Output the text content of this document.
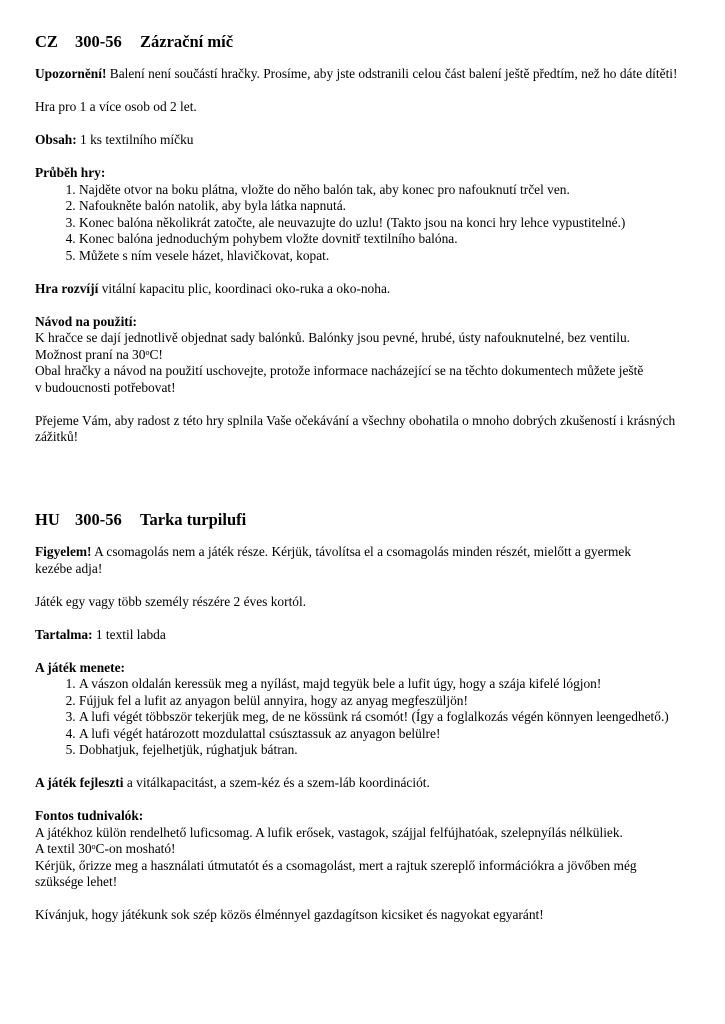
CZ 300-56 Zázrační míč

Upozornění! Balení není součástí hračky. Prosíme, aby jste odstranili celou část balení ještě předtím, než ho dáte dítěti!

Hra pro 1 a více osob od 2 let.

Obsah: 1 ks textilního míčku

Průběh hry:

1. Najděte otvor na boku plátna, vložte do něho balón tak, aby konec pro nafouknutí trčel ven.
2. Nafoukněte balón natolik, aby byla látka napnutá.
3. Konec balóna několikrát zatočte, ale neuvazujte do uzlu! (Takto jsou na konci hry lehce vypustitelné.)
4. Konec balóna jednoduchým pohybem vložte dovnitř textilního balóna.
5. Můžete s ním vesele házet, hlavičkovat, kopat.

Hra rozvíjí vitální kapacitu plic, koordinaci oko-ruka a oko-noha.

Návod na použití:

K hračce se dají jednotlivě objednat sady balónků. Balónky jsou pevné, hrubé, ústy nafouknutelné, bez ventilu.

Možnost praní na 30$^o$C!

Obal hračky a návod na použití uschovejte, protože informace nacházející se na těchto dokumentech můžete ještě v budoucnosti potřebovat!

Přejeme Vám, aby radost z této hry splnila Vaše očekávání a všechny obohatila o mnoho dobrých zkušeností i krásných zážitků!

HU 300-56 Tarka turpilufi

Figyelem! A csomagolás nem a játék része. Kérjük, távolítsa el a csomagolás minden részét, mielőtt a gyermek kezébe adja!

Játék egy vagy több személy részére 2 éves kortól.

Tartalma: 1 textil labda

A játék menete:

1. A vászon oldalán keressük meg a nyílást, majd tegyük bele a lufit úgy, hogy a szája kifelé lógjon!
2. Fújjuk fel a lufit az anyagon belül annyira, hogy az anyag megfeszüljön!
3. A lufi végét többször tekerjük meg, de ne kössünk rá csomót! (Így a foglalkozás végén könnyen leengedhető.)
4. A lufi végét határozott mozdulattal csúsztassuk az anyagon belülre!
5. Dobhatjuk, fejelhetjük, rúghatjuk bátran.

A játék fejleszti a vitálkapacitást, a szem-kéz és a szem-láb koordinációt.

Fontos tudnivalók:

A játékhoz külön rendelhető luficsomag. A lufik erősek, vastagok, szájjal felfújhatóak, szelepnyílás nélküliek.

A textil 30$^o$C-on mosható!

Kérjük, őrizze meg a használati útmutatót és a csomagolást, mert a rajtuk szereplő információkra a jövőben még szüksége lehet!

Kívánjuk, hogy játékunk sok szép közös élménnyel gazdagítson kicsiket és nagyokat egyaránt!
